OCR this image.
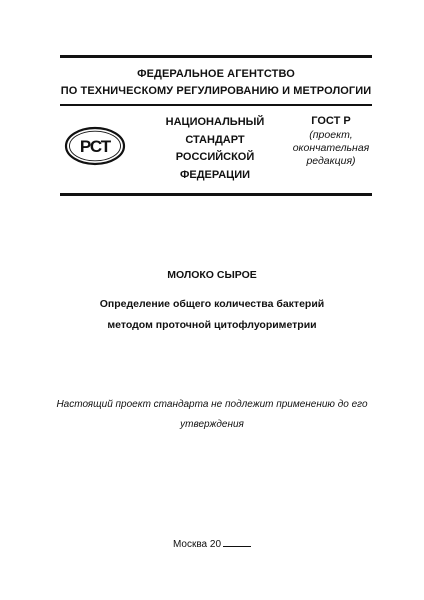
ФЕДЕРАЛЬНОЕ АГЕНТСТВО
ПО ТЕХНИЧЕСКОМУ РЕГУЛИРОВАНИЮ И МЕТРОЛОГИИ
РСТ
НАЦИОНАЛЬНЫЙ
СТАНДАРТ
РОССИЙСКОЙ
ФЕДЕРАЦИИ
ГОСТ Р
(проект,
окончательная
редакция)
МОЛОКО СЫРОЕ
Определение общего количества бактерий
методом проточной цитофлуориметрии
Настоящий проект стандарта не подлежит применению до его
утверждения
Москва 20
